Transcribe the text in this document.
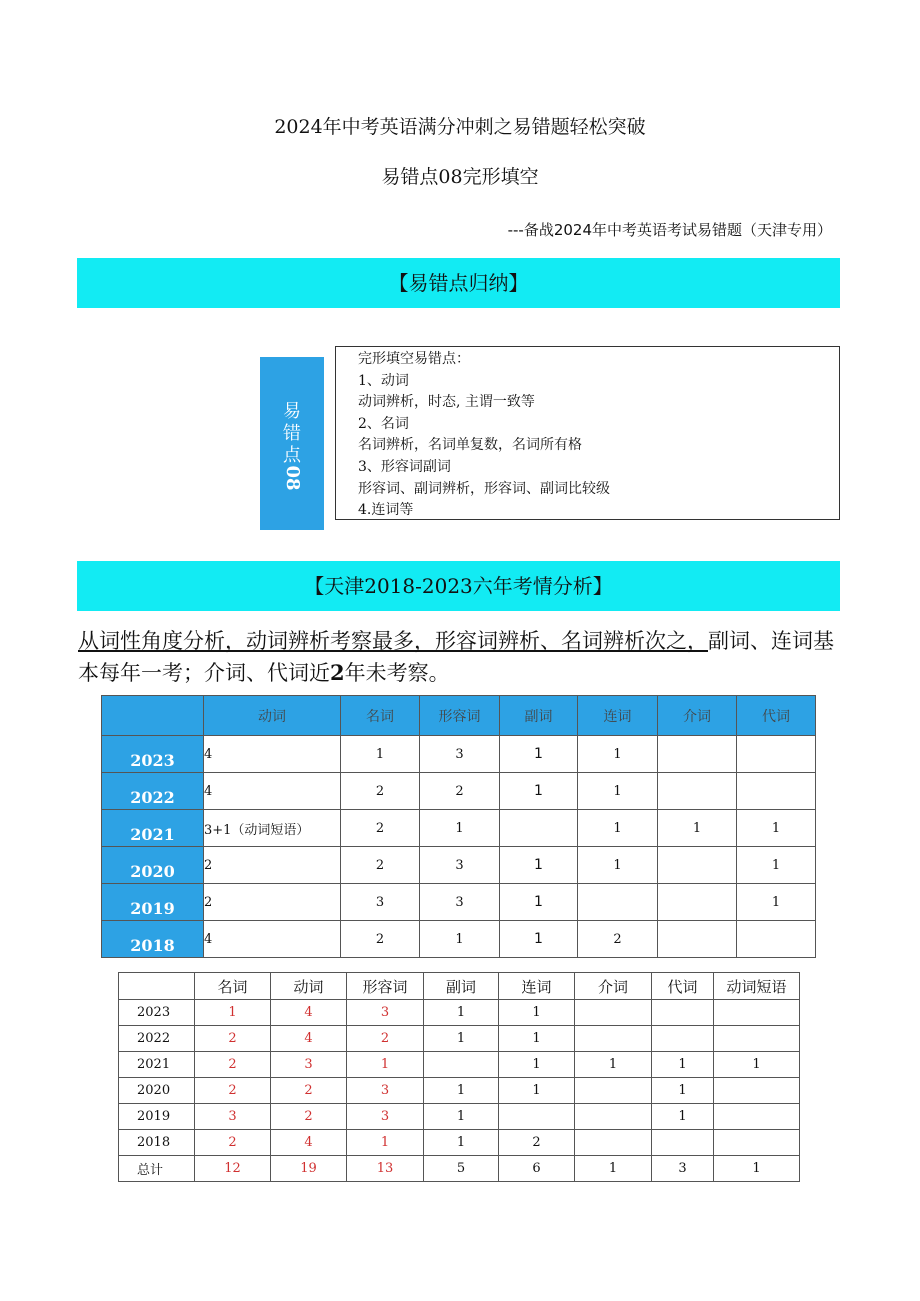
2024年中考英语满分冲刺之易错题轻松突破
易错点08完形填空
---备战2024年中考英语考试易错题（天津专用）
【易错点归纳】
易
错
点
08
完形填空易错点：
1、动词
动词辨析，时态, 主谓一致等
2、名词
名词辨析，名词单复数，名词所有格
3、形容词副词
形容词、副词辨析，形容词、副词比较级
4.连词等
【天津2018-2023六年考情分析】
从词性角度分析，动词辨析考察最多，形容词辨析、名词辨析次之，副词、连词基本每年一考；介词、代词近2年未考察。
	动词	名词	形容词	副词	连词	介词	代词
2023	4	1	3	1	1		
2022	4	2	2	1	1		
2021	3+1（动词短语）	2	1		1	1	1
2020	2	2	3	1	1		1
2019	2	3	3	1			1
2018	4	2	1	1	2		
	名词	动词	形容词	副词	连词	介词	代词	动词短语
2023	1	4	3	1	1			
2022	2	4	2	1	1			
2021	2	3	1		1	1	1	1
2020	2	2	3	1	1		1	
2019	3	2	3	1			1	
2018	2	4	1	1	2			
总计	12	19	13	5	6	1	3	1
